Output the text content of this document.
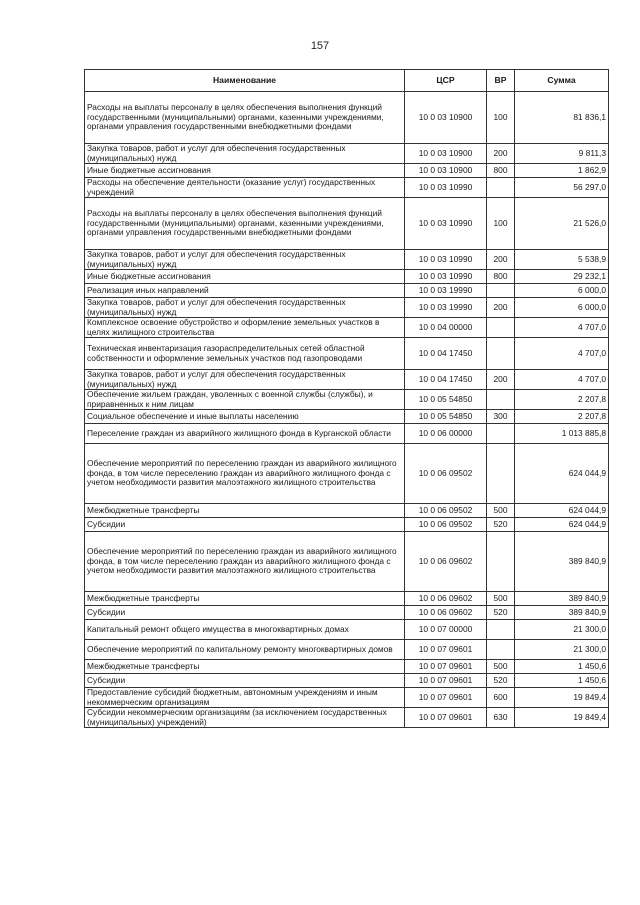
157
Наименование	ЦСР	ВР	Сумма
Расходы на выплаты персоналу в целях обеспечения выполнения функций государственными (муниципальными) органами, казенными учреждениями, органами управления государственными внебюджетными фондами	10 0 03 10900	100	81 836,1
Закупка товаров, работ и услуг для обеспечения государственных (муниципальных) нужд	10 0 03 10900	200	9 811,3
Иные бюджетные ассигнования	10 0 03 10900	800	1 862,9
Расходы на обеспечение деятельности (оказание услуг) государственных учреждений	10 0 03 10990		56 297,0
Расходы на выплаты персоналу в целях обеспечения выполнения функций государственными (муниципальными) органами, казенными учреждениями, органами управления государственными внебюджетными фондами	10 0 03 10990	100	21 526,0
Закупка товаров, работ и услуг для обеспечения государственных (муниципальных) нужд	10 0 03 10990	200	5 538,9
Иные бюджетные ассигнования	10 0 03 10990	800	29 232,1
Реализация иных направлений	10 0 03 19990		6 000,0
Закупка товаров, работ и услуг для обеспечения государственных (муниципальных) нужд	10 0 03 19990	200	6 000,0
Комплексное освоение обустройство и оформление земельных участков в целях жилищного строительства	10 0 04 00000		4 707,0
Техническая инвентаризация газораспределительных сетей областной собственности и оформление земельных участков под газопроводами	10 0 04 17450		4 707,0
Закупка товаров, работ и услуг для обеспечения государственных (муниципальных) нужд	10 0 04 17450	200	4 707,0
Обеспечение жильем граждан, уволенных с военной службы (службы), и приравненных к ним лицам	10 0 05 54850		2 207,8
Социальное обеспечение и иные выплаты населению	10 0 05 54850	300	2 207,8
Переселение граждан из аварийного жилищного фонда в Курганской области	10 0 06 00000		1 013 885,8
Обеспечение мероприятий по переселению граждан из аварийного жилищного фонда, в том числе переселению граждан из аварийного жилищного фонда с учетом необходимости развития малоэтажного жилищного строительства	10 0 06 09502		624 044,9
Межбюджетные трансферты	10 0 06 09502	500	624 044,9
Субсидии	10 0 06 09502	520	624 044,9
Обеспечение мероприятий по переселению граждан из аварийного жилищного фонда, в том числе переселению граждан из аварийного жилищного фонда с учетом необходимости развития малоэтажного жилищного строительства	10 0 06 09602		389 840,9
Межбюджетные трансферты	10 0 06 09602	500	389 840,9
Субсидии	10 0 06 09602	520	389 840,9
Капитальный ремонт общего имущества в многоквартирных домах	10 0 07 00000		21 300,0
Обеспечение мероприятий по капитальному ремонту многоквартирных домов	10 0 07 09601		21 300,0
Межбюджетные трансферты	10 0 07 09601	500	1 450,6
Субсидии	10 0 07 09601	520	1 450,6
Предоставление субсидий бюджетным, автономным учреждениям и иным некоммерческим организациям	10 0 07 09601	600	19 849,4
Субсидии некоммерческим организациям (за исключением государственных (муниципальных) учреждений)	10 0 07 09601	630	19 849,4
